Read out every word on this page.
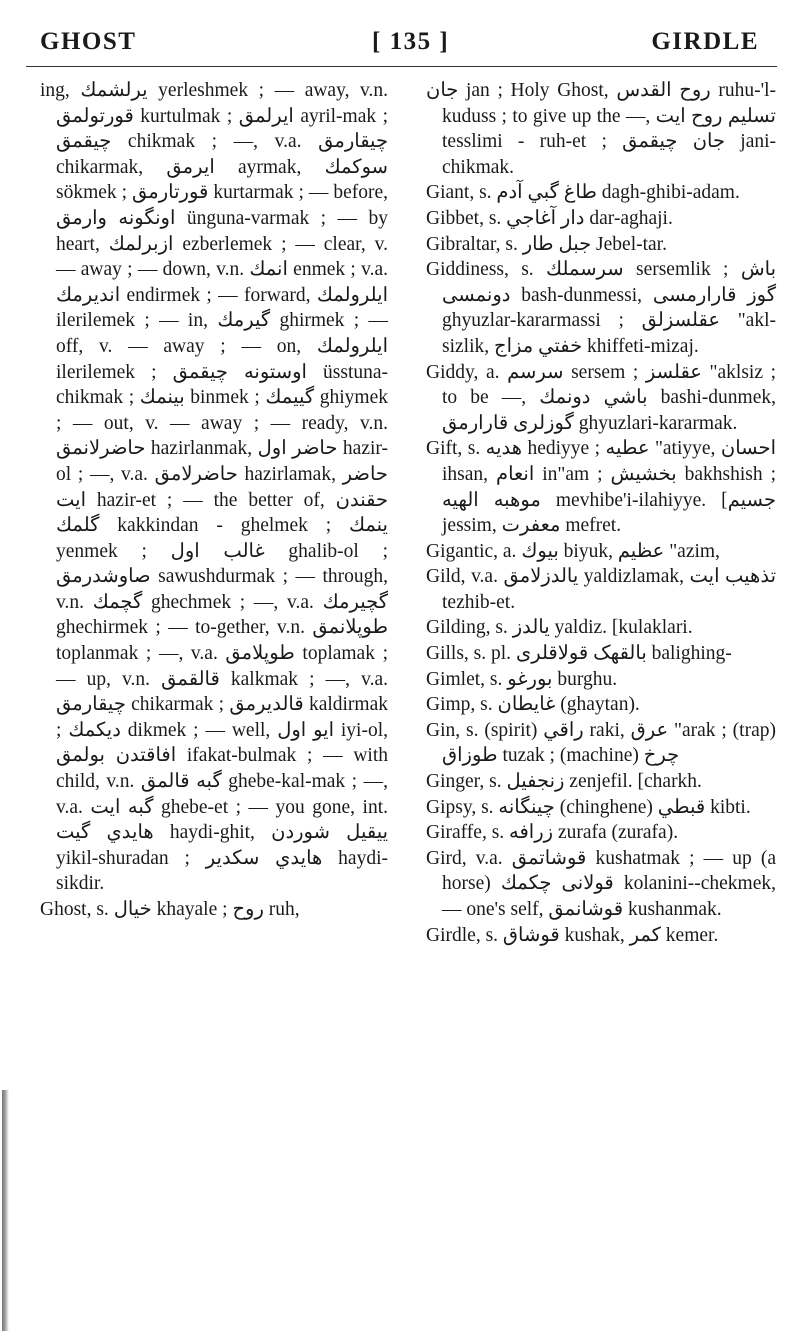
GHOST	[ 135 ]	GIRDLE

ing, یرلشمك yerleshmek ; — away, v.n. قورتولمق kurtulmak ; ايرلمق ayril-mak ; چيقمق chikmak ; —, v.a. چيقارمق chikarmak, ايرمق ayrmak, سوكمك sökmek ; قورتارمق kurtarmak ; — before, اونگونه وارمق ünguna-varmak ; — by heart, ازبرلمك ezberlemek ; — clear, v. — away ; — down, v.n. انمك enmek ; v.a. انديرمك endirmek ; — forward, ايلرولمك ilerilemek ; — in, گيرمك ghirmek ; — off, v. — away ; — on, ايلرولمك ilerilemek ; اوستونه چيقمق üsstuna-chikmak ; بينمك binmek ; گييمك ghiymek ; — out, v. — away ; — ready, v.n. حاضرلانمق hazirlanmak, حاضر اول hazir-ol ; —, v.a. حاضرلامق hazirlamak, حاضر ايت hazir-et ; — the better of, حقندن گلمك kakkindan - ghelmek ; ينمك yenmek ; غالب اول ghalib-ol ; صاوشدرمق sawushdurmak ; — through, v.n. گچمك ghechmek ; —, v.a. گچيرمك ghechirmek ; — to-gether, v.n. طوپلانمق toplanmak ; —, v.a. طوپلامق toplamak ; — up, v.n. قالقمق kalkmak ; —, v.a. چيقارمق chikarmak ; قالديرمق kaldirmak ; ديكمك dikmek ; — well, ايو اول iyi-ol, افاقتدن بولمق ifakat-bulmak ; — with child, v.n. گبه قالمق ghebe-kal-mak ; —, v.a. گبه ايت ghebe-et ; — you gone, int. هايدي گيت haydi-ghit, ييقيل شوردن yikil-shuradan ; هايدي سكدير haydi-sikdir.

Ghost, s. خيال khayale ; روح ruh,

جان jan ; Holy Ghost, روح القدس ruhu-'l-kuduss ; to give up the —, تسليم روح ايت tesslimi - ruh-et ; جان چيقمق jani-chikmak.

Giant, s. طاغ گبي آدم dagh-ghibi-adam.

Gibbet, s. دار آغاجي dar-aghaji.

Gibraltar, s. جبل طار Jebel-tar.

Giddiness, s. سرسملك sersemlik ; باش دونمسی bash-dunmessi, گوز قارارمسی ghyuzlar-kararmassi ; عقلسزلق "akl-sizlik, خفتي مزاج khiffeti-mizaj.

Giddy, a. سرسم sersem ; عقلسز "aklsiz ; to be —, باشي دونمك bashi-dunmek, گوزلری قارارمق ghyuzlari-kararmak.

Gift, s. هدیه hediyye ; عطیه "atiyye, احسان ihsan, انعام in"am ; بخشيش bakhshish ; موهبه الهيه mevhibe'i-ilahiyye. [جسيم jessim, معفرت mefret.

Gigantic, a. بيوك biyuk, عظيم "azim,

Gild, v.a. يالدزلامق yaldizlamak, تذهيب ايت tezhib-et.

Gilding, s. يالدز yaldiz. [kulaklari.

Gills, s. pl. بالقهک قولاقلری balighing-

Gimlet, s. بورغو burghu.

Gimp, s. غايطان (ghaytan).

Gin, s. (spirit) راقي raki, عرق "arak ; (trap) طوزاق tuzak ; (machine) چرخ

Ginger, s. زنجفيل zenjefil. [charkh.

Gipsy, s. چينگانه (chinghene) قبطي kibti.

Giraffe, s. زرافه zurafa (zurafa).

Gird, v.a. قوشاتمق kushatmak ; — up (a horse) قولانى چكمك kolanini--chekmek, — one's self, قوشانمق kushanmak.

Girdle, s. قوشاق kushak, كمر kemer.
